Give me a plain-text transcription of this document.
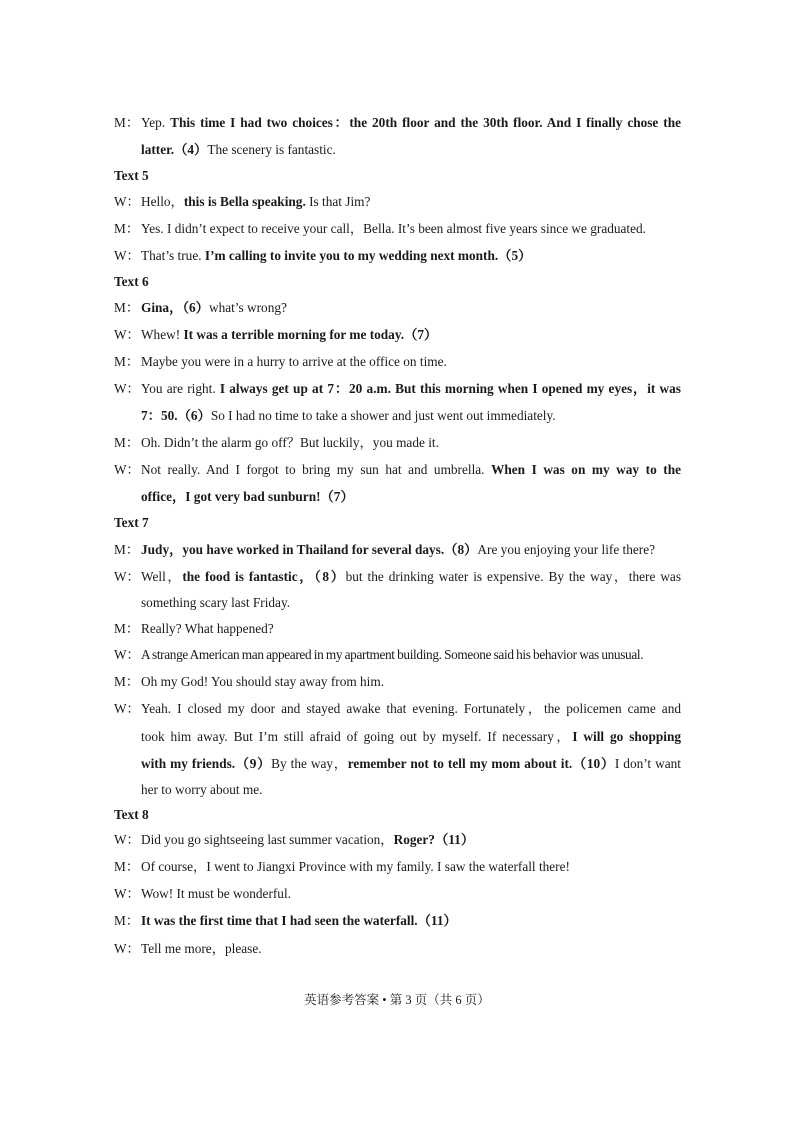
英语参考答案 • 第 3 页（共 6 页）
M： Yep. This time I had two choices：the 20th floor and the 30th floor. And I finally chose the
latter.（4）The scenery is fantastic.
Text 5
W： Hello，this is Bella speaking. Is that Jim?
M： Yes. I didn’t expect to receive your call，Bella. It’s been almost five years since we graduated.
W： That’s true. I’m calling to invite you to my wedding next month.（5）
Text 6
M： Gina，（6）what’s wrong?
W： Whew! It was a terrible morning for me today.（7）
M： Maybe you were in a hurry to arrive at the office on time.
W： You are right. I always get up at 7：20 a.m. But this morning when I opened my eyes，it was
7：50.（6）So I had no time to take a shower and just went out immediately.
M： Oh. Didn’t the alarm go off？But luckily，you made it.
W： Not really. And I forgot to bring my sun hat and umbrella. When I was on my way to the
office，I got very bad sunburn!（7）
Text 7
M： Judy，you have worked in Thailand for several days.（8）Are you enjoying your life there?
W： Well，the food is fantastic，（8）but the drinking water is expensive. By the way，there was
something scary last Friday.
M： Really? What happened?
W： A strange American man appeared in my apartment building. Someone said his behavior was unusual.
M： Oh my God! You should stay away from him.
W： Yeah. I closed my door and stayed awake that evening. Fortunately，the policemen came and
took him away. But I’m still afraid of going out by myself. If necessary，I will go shopping
with my friends.（9）By the way，remember not to tell my mom about it.（10）I don’t want
her to worry about me.
Text 8
W： Did you go sightseeing last summer vacation，Roger?（11）
M： Of course，I went to Jiangxi Province with my family. I saw the waterfall there!
W： Wow! It must be wonderful.
M： It was the first time that I had seen the waterfall.（11）
W： Tell me more，please.
